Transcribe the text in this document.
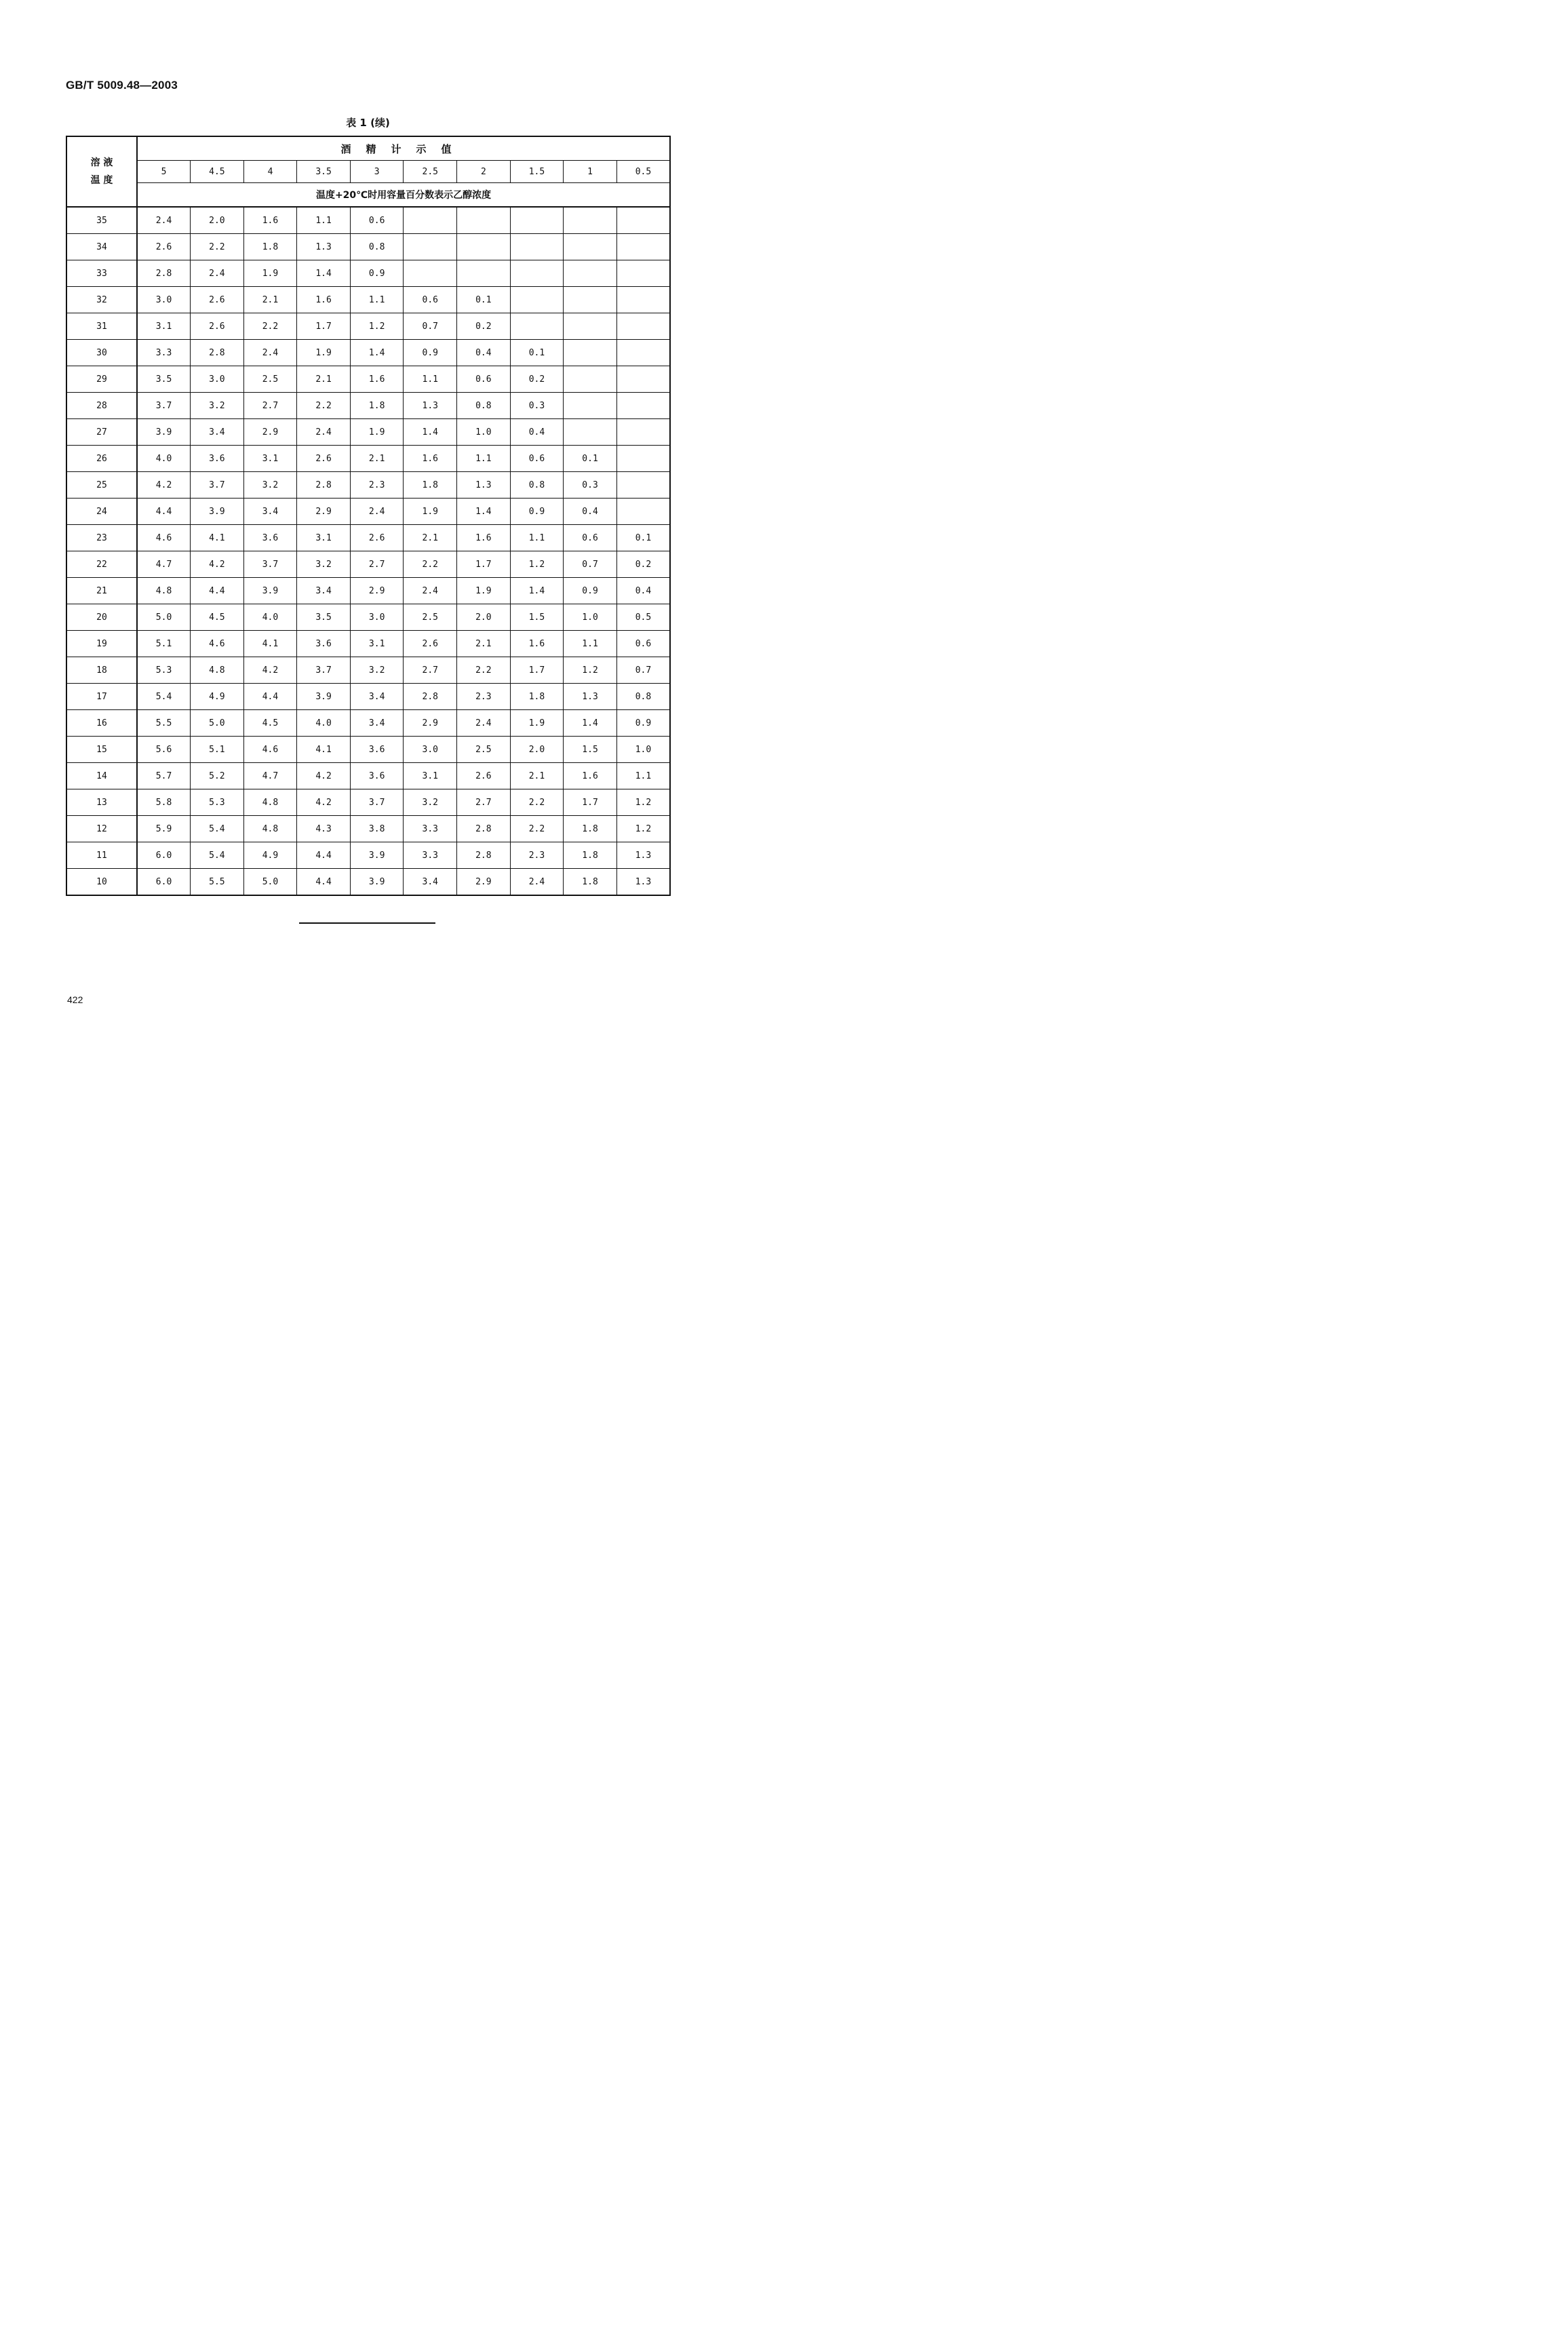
GB/T 5009.48—2003
表 1 (续)
溶 液
温 度	酒精计示值									
	5	4.5	4	3.5	3	2.5	2	1.5	1	0.5
	温度+20℃时用容量百分数表示乙醇浓度									
35	2.4	2.0	1.6	1.1	0.6					
34	2.6	2.2	1.8	1.3	0.8					
33	2.8	2.4	1.9	1.4	0.9					
32	3.0	2.6	2.1	1.6	1.1	0.6	0.1			
31	3.1	2.6	2.2	1.7	1.2	0.7	0.2			
30	3.3	2.8	2.4	1.9	1.4	0.9	0.4	0.1		
29	3.5	3.0	2.5	2.1	1.6	1.1	0.6	0.2		
28	3.7	3.2	2.7	2.2	1.8	1.3	0.8	0.3		
27	3.9	3.4	2.9	2.4	1.9	1.4	1.0	0.4		
26	4.0	3.6	3.1	2.6	2.1	1.6	1.1	0.6	0.1	
25	4.2	3.7	3.2	2.8	2.3	1.8	1.3	0.8	0.3	
24	4.4	3.9	3.4	2.9	2.4	1.9	1.4	0.9	0.4	
23	4.6	4.1	3.6	3.1	2.6	2.1	1.6	1.1	0.6	0.1
22	4.7	4.2	3.7	3.2	2.7	2.2	1.7	1.2	0.7	0.2
21	4.8	4.4	3.9	3.4	2.9	2.4	1.9	1.4	0.9	0.4
20	5.0	4.5	4.0	3.5	3.0	2.5	2.0	1.5	1.0	0.5
19	5.1	4.6	4.1	3.6	3.1	2.6	2.1	1.6	1.1	0.6
18	5.3	4.8	4.2	3.7	3.2	2.7	2.2	1.7	1.2	0.7
17	5.4	4.9	4.4	3.9	3.4	2.8	2.3	1.8	1.3	0.8
16	5.5	5.0	4.5	4.0	3.4	2.9	2.4	1.9	1.4	0.9
15	5.6	5.1	4.6	4.1	3.6	3.0	2.5	2.0	1.5	1.0
14	5.7	5.2	4.7	4.2	3.6	3.1	2.6	2.1	1.6	1.1
13	5.8	5.3	4.8	4.2	3.7	3.2	2.7	2.2	1.7	1.2
12	5.9	5.4	4.8	4.3	3.8	3.3	2.8	2.2	1.8	1.2
11	6.0	5.4	4.9	4.4	3.9	3.3	2.8	2.3	1.8	1.3
10	6.0	5.5	5.0	4.4	3.9	3.4	2.9	2.4	1.8	1.3
422
